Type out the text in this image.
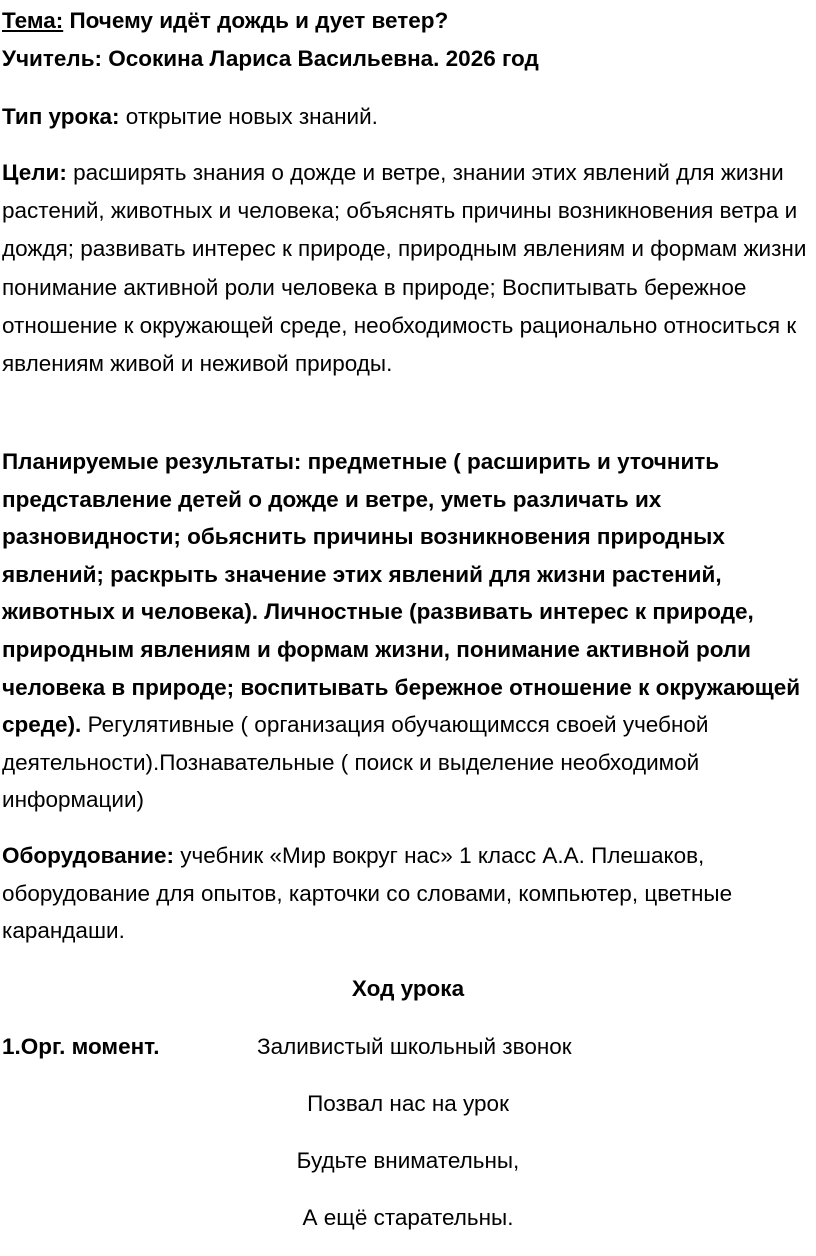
Тема: Почему идёт дождь и дует ветер?
Учитель: Осокина Лариса Васильевна. 2026 год
Тип урока: открытие новых знаний.
Цели: расширять знания о дожде и ветре, знании этих явлений для жизни растений, животных и человека; объяснять причины возникновения ветра и дождя; развивать интерес к природе, природным явлениям и формам жизни понимание активной роли человека в природе; Воспитывать бережное отношение к окружающей среде, необходимость рационально относиться к явлениям живой и неживой природы.
Планируемые результаты: предметные ( расширить и уточнить представление детей о дожде и ветре, уметь различать их разновидности; обьяснить причины возникновения природных явлений; раскрыть значение этих явлений для жизни растений, животных и человека). Личностные (развивать интерес к природе, природным явлениям и формам жизни, понимание активной роли человека в природе; воспитывать бережное отношение к окружающей среде). Регулятивные ( организация обучающимсся своей учебной деятельности).Познавательные ( поиск и выделение необходимой информации)
Оборудование: учебник «Мир вокруг нас» 1 класс А.А. Плешаков, оборудование для опытов, карточки со словами, компьютер, цветные карандаши.
Ход урока
1.Орг. момент.	Заливистый школьный звонок
Позвал нас на урок
Будьте внимательны,
А ещё старательны.
